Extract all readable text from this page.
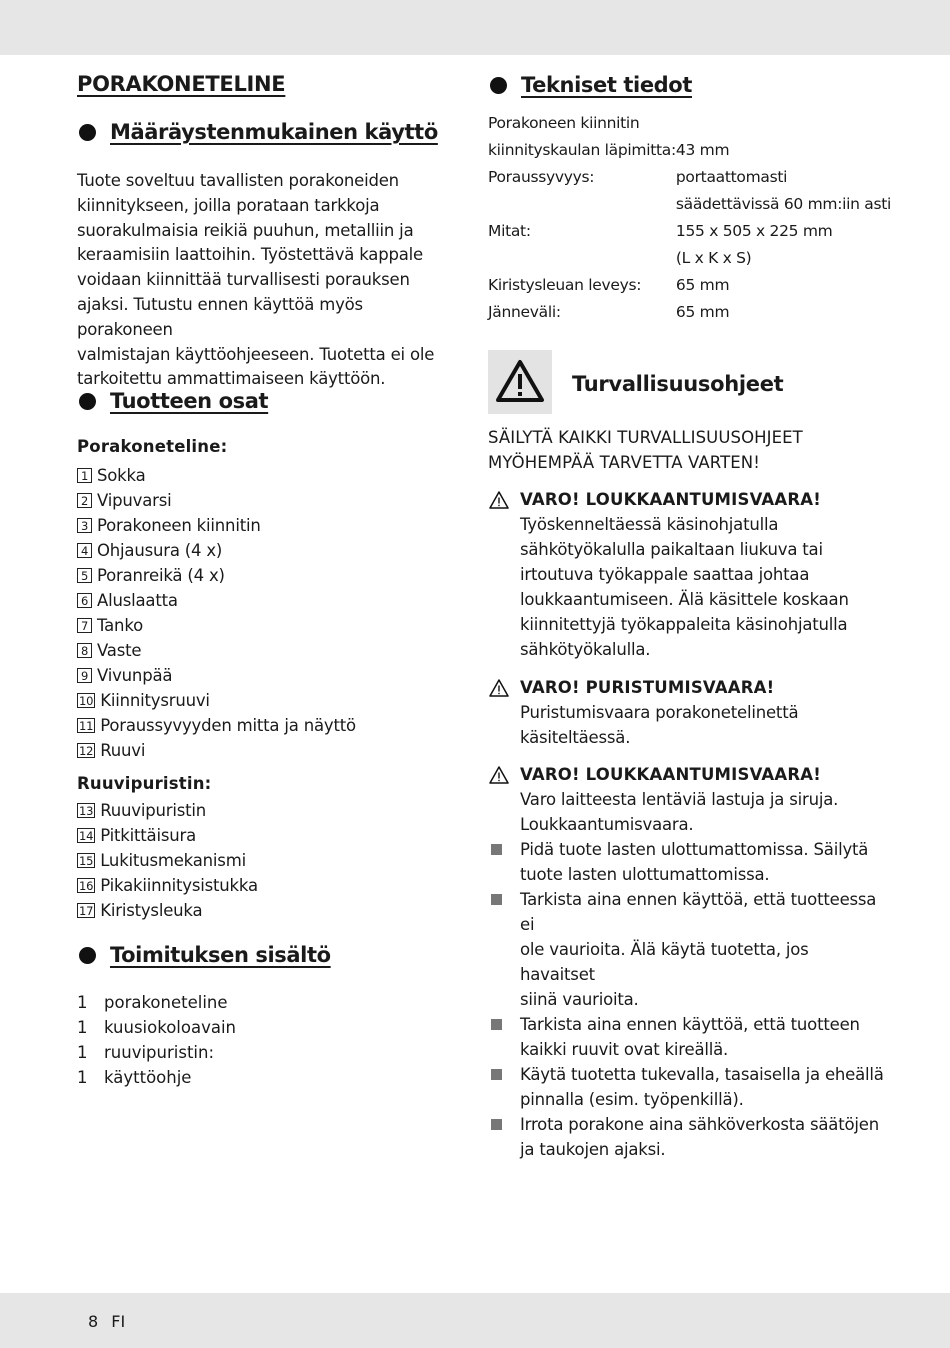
PORAKONETELINE
Määräystenmukainen käyttö
Tuote soveltuu tavallisten porakoneiden
kiinnitykseen, joilla porataan tarkkoja
suorakulmaisia reikiä puuhun, metalliin ja
keraamisiin laattoihin. Työstettävä kappale
voidaan kiinnittää turvallisesti porauksen
ajaksi. Tutustu ennen käyttöä myös porakoneen
valmistajan käyttöohjeeseen. Tuotetta ei ole
tarkoitettu ammattimaiseen käyttöön.
Tuotteen osat
Porakoneteline:
1 Sokka
2 Vipuvarsi
3 Porakoneen kiinnitin
4 Ohjausura (4 x)
5 Poranreikä (4 x)
6 Aluslaatta
7 Tanko
8 Vaste
9 Vivunpää
10 Kiinnitysruuvi
11 Poraussyvyyden mitta ja näyttö
12 Ruuvi
Ruuvipuristin:
13 Ruuvipuristin
14 Pitkittäisura
15 Lukitusmekanismi
16 Pikakiinnitysistukka
17 Kiristysleuka
Toimituksen sisältö
1	porakoneteline
1	kuusiokoloavain
1	ruuvipuristin:
1	käyttöohje
Tekniset tiedot
Porakoneen kiinnitin	
kiinnityskaulan läpimitta:	43 mm
Poraussyvyys:	portaattomasti
	säädettävissä 60 mm:iin asti
Mitat:	155 x 505 x 225 mm
	(L x K x S)
Kiristysleuan leveys:	65 mm
Jänneväli:	65 mm
Turvallisuusohjeet
SÄILYTÄ KAIKKI TURVALLISUUSOHJEET
MYÖHEMPÄÄ TARVETTA VARTEN!
VARO! LOUKKAANTUMISVAARA!
Työskenneltäessä käsinohjatulla
sähkötyökalulla paikaltaan liukuva tai
irtoutuva työkappale saattaa johtaa
loukkaantumiseen. Älä käsittele koskaan
kiinnitettyjä työkappaleita käsinohjatulla
sähkötyökalulla.
VARO! PURISTUMISVAARA!
Puristumisvaara porakonetelinettä
käsiteltäessä.
VARO! LOUKKAANTUMISVAARA!
Varo laitteesta lentäviä lastuja ja siruja.
Loukkaantumisvaara.
Pidä tuote lasten ulottumattomissa. Säilytä
tuote lasten ulottumattomissa.
Tarkista aina ennen käyttöä, että tuotteessa ei
ole vaurioita. Älä käytä tuotetta, jos havaitset
siinä vaurioita.
Tarkista aina ennen käyttöä, että tuotteen
kaikki ruuvit ovat kireällä.
Käytä tuotetta tukevalla, tasaisella ja eheällä
pinnalla (esim. työpenkillä).
Irrota porakone aina sähköverkosta säätöjen
ja taukojen ajaksi.
8 FI
